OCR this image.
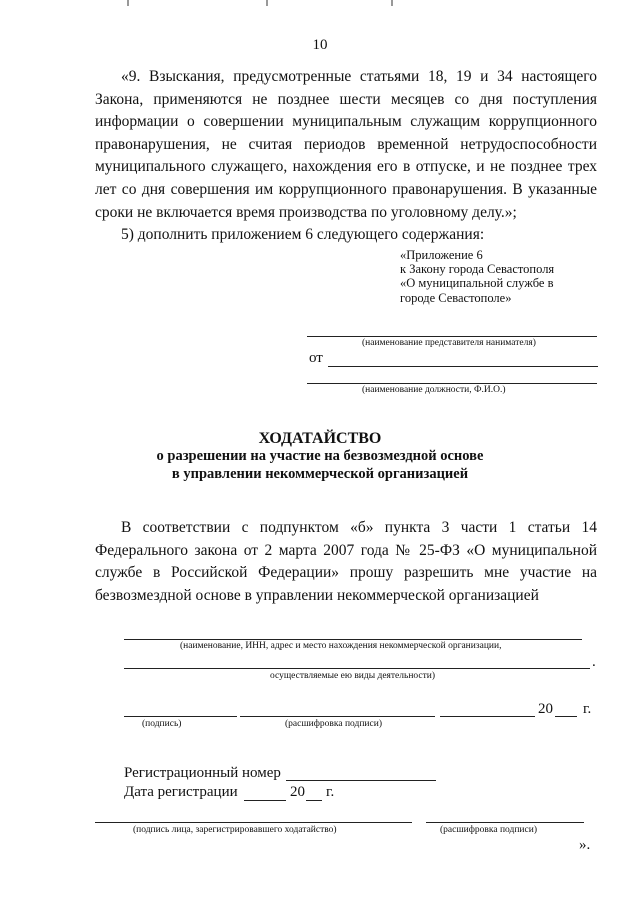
10
«9. Взыскания, предусмотренные статьями 18, 19 и 34 настоящего Закона, применяются не позднее шести месяцев со дня поступления информации о совершении муниципальным служащим коррупционного правонарушения, не считая периодов временной нетрудоспособности муниципального служащего, нахождения его в отпуске, и не позднее трех лет со дня совершения им коррупционного правонарушения. В указанные сроки не включается время производства по уголовному делу.»;
5) дополнить приложением 6 следующего содержания:
«Приложение 6
к Закону города Севастополя
«О муниципальной службе в городе Севастополе»
(наименование представителя нанимателя)
от
(наименование должности, Ф.И.О.)
ХОДАТАЙСТВО
о разрешении на участие на безвозмездной основе
в управлении некоммерческой организацией
В соответствии с подпунктом «б» пункта 3 части 1 статьи 14 Федерального закона от 2 марта 2007 года № 25-ФЗ «О муниципальной службе в Российской Федерации» прошу разрешить мне участие на безвозмездной основе в управлении некоммерческой организацией
(наименование, ИНН, адрес и место нахождения некоммерческой организации,
.
осуществляемые ею виды деятельности)
20 г.
(подпись)	(расшифровка подписи)
Регистрационный номер
Дата регистрации	20 г.
(подпись лица, зарегистрировавшего ходатайство)	(расшифровка подписи)
».
